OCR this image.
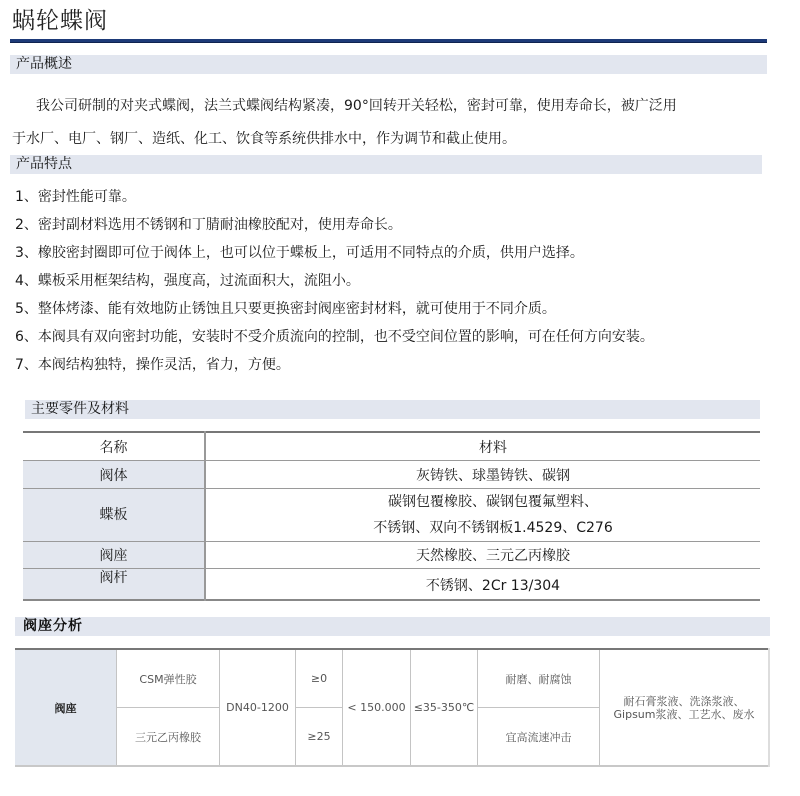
蜗轮蝶阀
产品概述
我公司研制的对夹式蝶阀，法兰式蝶阀结构紧凑，90°回转开关轻松，密封可靠，使用寿命长，被广泛用
于水厂、电厂、钢厂、造纸、化工、饮食等系统供排水中，作为调节和截止使用。
产品特点
1、密封性能可靠。
2、密封副材料选用不锈钢和丁腈耐油橡胶配对，使用寿命长。
3、橡胶密封圈即可位于阀体上，也可以位于蝶板上，可适用不同特点的介质，供用户选择。
4、蝶板采用框架结构，强度高，过流面积大，流阻小。
5、整体烤漆、能有效地防止锈蚀且只要更换密封阀座密封材料，就可使用于不同介质。
6、本阀具有双向密封功能，安装时不受介质流向的控制，也不受空间位置的影响，可在任何方向安装。
7、本阀结构独特，操作灵活，省力，方便。
主要零件及材料
名称	材料
阀体	灰铸铁、球墨铸铁、碳钢
蝶板	碳钢包覆橡胶、碳钢包覆氟塑料、
不锈钢、双向不锈钢板1.4529、C276

阀座	天然橡胶、三元乙丙橡胶
阀杆	不锈钢、2Cr 13/304
阀座分析
阀座	CSM弹性胶	DN40-1200	≥0	< 150.000	≤35-350℃	耐磨、耐腐蚀	耐石膏浆液、洗涤浆液、
Gipsum浆液、工艺水、废水

	三元乙丙橡胶		≥25			宜高流速冲击	
